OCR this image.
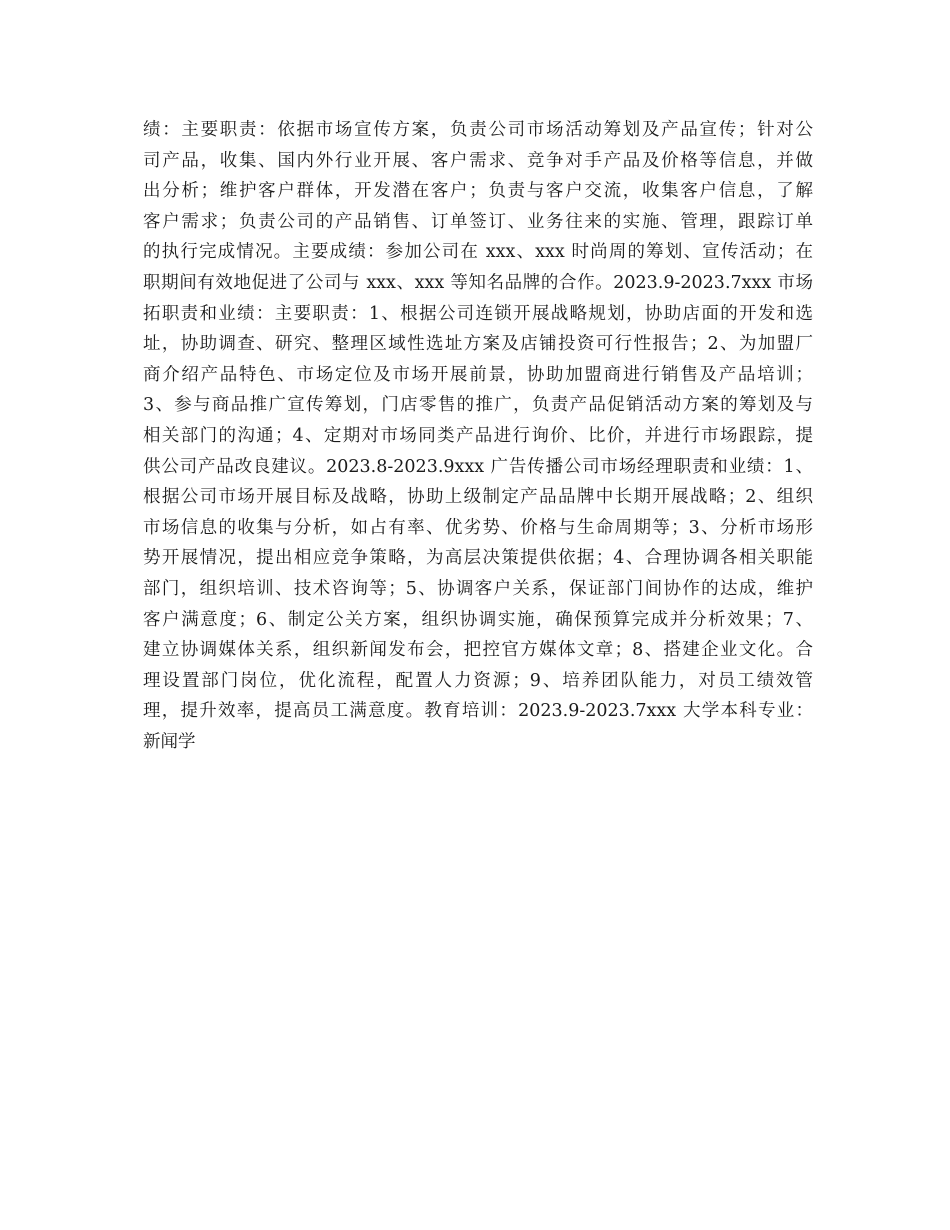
绩：主要职责：依据市场宣传方案，负责公司市场活动筹划及产品宣传；针对公
司产品，收集、国内外行业开展、客户需求、竞争对手产品及价格等信息，并做
出分析；维护客户群体，开发潜在客户；负责与客户交流，收集客户信息，了解
客户需求；负责公司的产品销售、订单签订、业务往来的实施、管理，跟踪订单
的执行完成情况。主要成绩：参加公司在 xxx、xxx 时尚周的筹划、宣传活动；在
职期间有效地促进了公司与 xxx、xxx 等知名品牌的合作。2023.9-2023.7xxx 市场
拓职责和业绩：主要职责：1、根据公司连锁开展战略规划，协助店面的开发和选
址，协助调查、研究、整理区域性选址方案及店铺投资可行性报告；2、为加盟厂
商介绍产品特色、市场定位及市场开展前景，协助加盟商进行销售及产品培训；
3、参与商品推广宣传筹划，门店零售的推广，负责产品促销活动方案的筹划及与
相关部门的沟通；4、定期对市场同类产品进行询价、比价，并进行市场跟踪，提
供公司产品改良建议。2023.8-2023.9xxx 广告传播公司市场经理职责和业绩：1、
根据公司市场开展目标及战略，协助上级制定产品品牌中长期开展战略；2、组织
市场信息的收集与分析，如占有率、优劣势、价格与生命周期等；3、分析市场形
势开展情况，提出相应竞争策略，为高层决策提供依据；4、合理协调各相关职能
部门，组织培训、技术咨询等；5、协调客户关系，保证部门间协作的达成，维护
客户满意度；6、制定公关方案，组织协调实施，确保预算完成并分析效果；7、
建立协调媒体关系，组织新闻发布会，把控官方媒体文章；8、搭建企业文化。合
理设置部门岗位，优化流程，配置人力资源；9、培养团队能力，对员工绩效管
理，提升效率，提高员工满意度。教育培训：2023.9-2023.7xxx 大学本科专业：
新闻学
